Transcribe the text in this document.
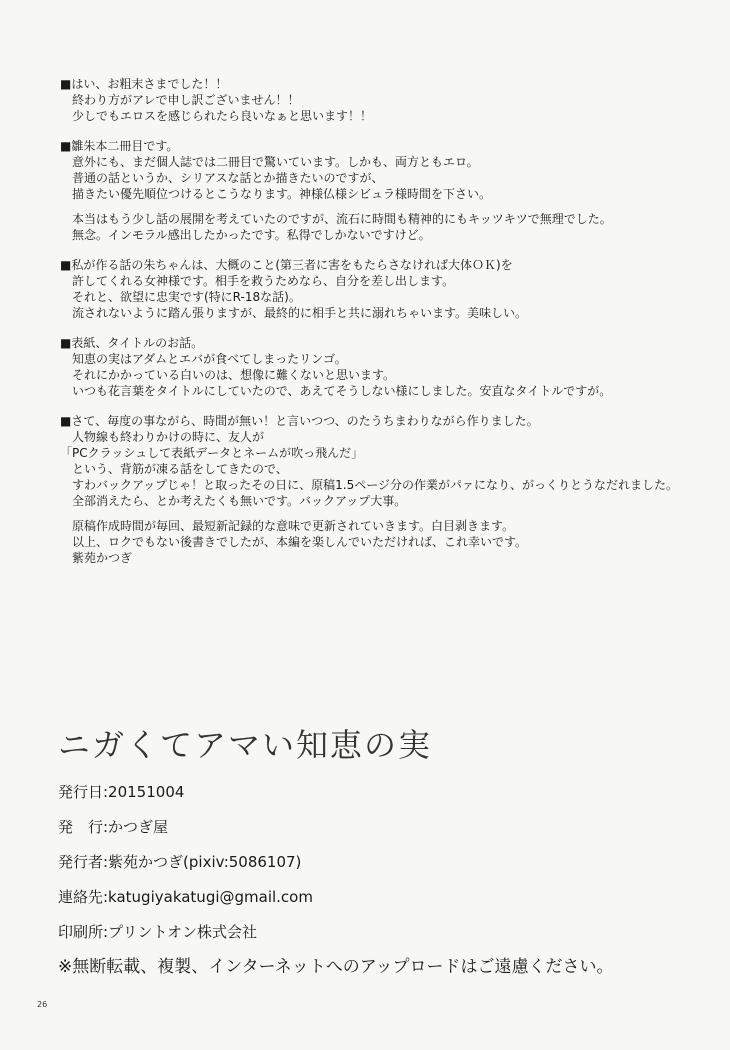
■はい、お粗末さまでした！！

　終わり方がアレで申し訳ございません！！

　少しでもエロスを感じられたら良いなぁと思います！！

■雛朱本二冊目です。

　意外にも、まだ個人誌では二冊目で驚いています。しかも、両方ともエロ。

　普通の話というか、シリアスな話とか描きたいのですが、

　描きたい優先順位つけるとこうなります。神様仏様シビュラ様時間を下さい。

　本当はもう少し話の展開を考えていたのですが、流石に時間も精神的にもキッツキツで無理でした。

　無念。インモラル感出したかったです。私得でしかないですけど。

■私が作る話の朱ちゃんは、大概のこと(第三者に害をもたらさなければ大体ＯＫ)を

　許してくれる女神様です。相手を救うためなら、自分を差し出します。

　それと、欲望に忠実です(特にR-18な話)。

　流されないように踏ん張りますが、最終的に相手と共に溺れちゃいます。美味しい。

■表紙、タイトルのお話。

　知恵の実はアダムとエバが食べてしまったリンゴ。

　それにかかっている白いのは、想像に難くないと思います。

　いつも花言葉をタイトルにしていたので、あえてそうしない様にしました。安直なタイトルですが。

■さて、毎度の事ながら、時間が無い！と言いつつ、のたうちまわりながら作りました。

　人物線も終わりかけの時に、友人が

「PCクラッシュして表紙データとネームが吹っ飛んだ」

　という、背筋が凍る話をしてきたので、

　すわバックアップじゃ！と取ったその日に、原稿1.5ページ分の作業がパァになり、がっくりとうなだれました。

　全部消えたら、とか考えたくも無いです。バックアップ大事。

　原稿作成時間が毎回、最短新記録的な意味で更新されていきます。白目剥きます。

　以上、ロクでもない後書きでしたが、本編を楽しんでいただければ、これ幸いです。

紫苑かつぎ

ニガくてアマい知恵の実

発行日:20151004

発　行:かつぎ屋

発行者:紫苑かつぎ(pixiv:5086107)

連絡先:katugiyakatugi@gmail.com

印刷所:プリントオン株式会社

※無断転載、複製、インターネットへのアップロードはご遠慮ください。

26
